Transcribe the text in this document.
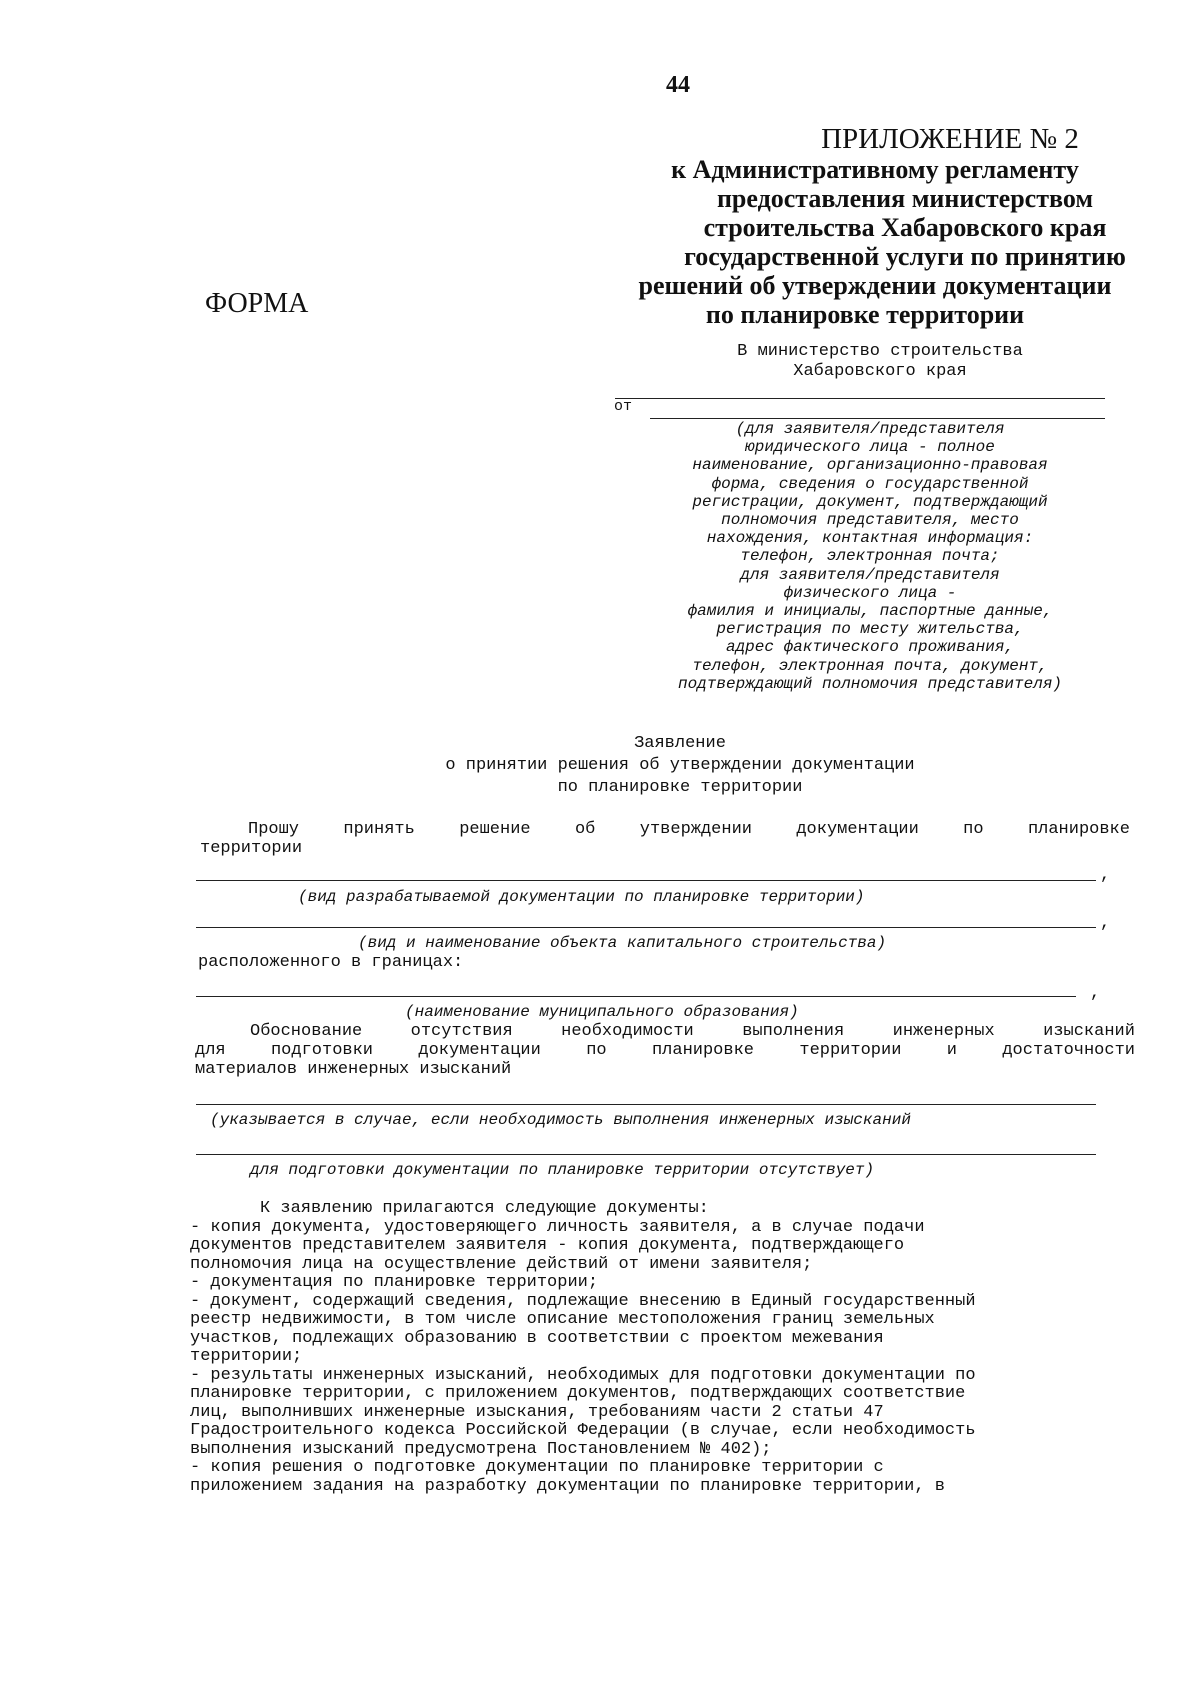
44
ПРИЛОЖЕНИЕ № 2
к Административному регламенту
предоставления министерством
строительства Хабаровского края
государственной услуги по принятию
решений об утверждении документации
по планировке территории
ФОРМА
В министерство строительства
Хабаровского края
от
(для заявителя/представителя
юридического лица - полное
наименование, организационно-правовая
форма, сведения о государственной
регистрации, документ, подтверждающий
полномочия представителя, место
нахождения, контактная информация:
телефон, электронная почта;
для заявителя/представителя
физического лица -
фамилия и инициалы, паспортные данные,
регистрация по месту жительства,
адрес фактического проживания,
телефон, электронная почта, документ,
подтверждающий полномочия представителя)
Заявление
о принятии решения об утверждении документации
по планировке территории
Прошу	принять	решение	об	утверждении	документации	по	планировке
территории
,
(вид разрабатываемой документации по планировке территории)
,
(вид и наименование объекта капитального строительства)
расположенного в границах:
,
(наименование муниципального образования)
Обоснование	отсутствия	необходимости	выполнения	инженерных	изысканий
для	подготовки	документации	по	планировке	территории	и	достаточности
материалов инженерных изысканий
(указывается в случае, если необходимость выполнения инженерных изысканий
для подготовки документации по планировке территории отсутствует)
К заявлению прилагаются следующие документы:
- копия документа, удостоверяющего личность заявителя, а в случае подачи
документов представителем заявителя - копия документа, подтверждающего
полномочия лица на осуществление действий от имени заявителя;
- документация по планировке территории;
- документ, содержащий сведения, подлежащие внесению в Единый государственный
реестр недвижимости, в том числе описание местоположения границ земельных
участков, подлежащих образованию в соответствии с проектом межевания
территории;
- результаты инженерных изысканий, необходимых для подготовки документации по
планировке территории, с приложением документов, подтверждающих соответствие
лиц, выполнивших инженерные изыскания, требованиям части 2 статьи 47
Градостроительного кодекса Российской Федерации (в случае, если необходимость
выполнения изысканий предусмотрена Постановлением № 402);
- копия решения о подготовке документации по планировке территории с
приложением задания на разработку документации по планировке территории, в
